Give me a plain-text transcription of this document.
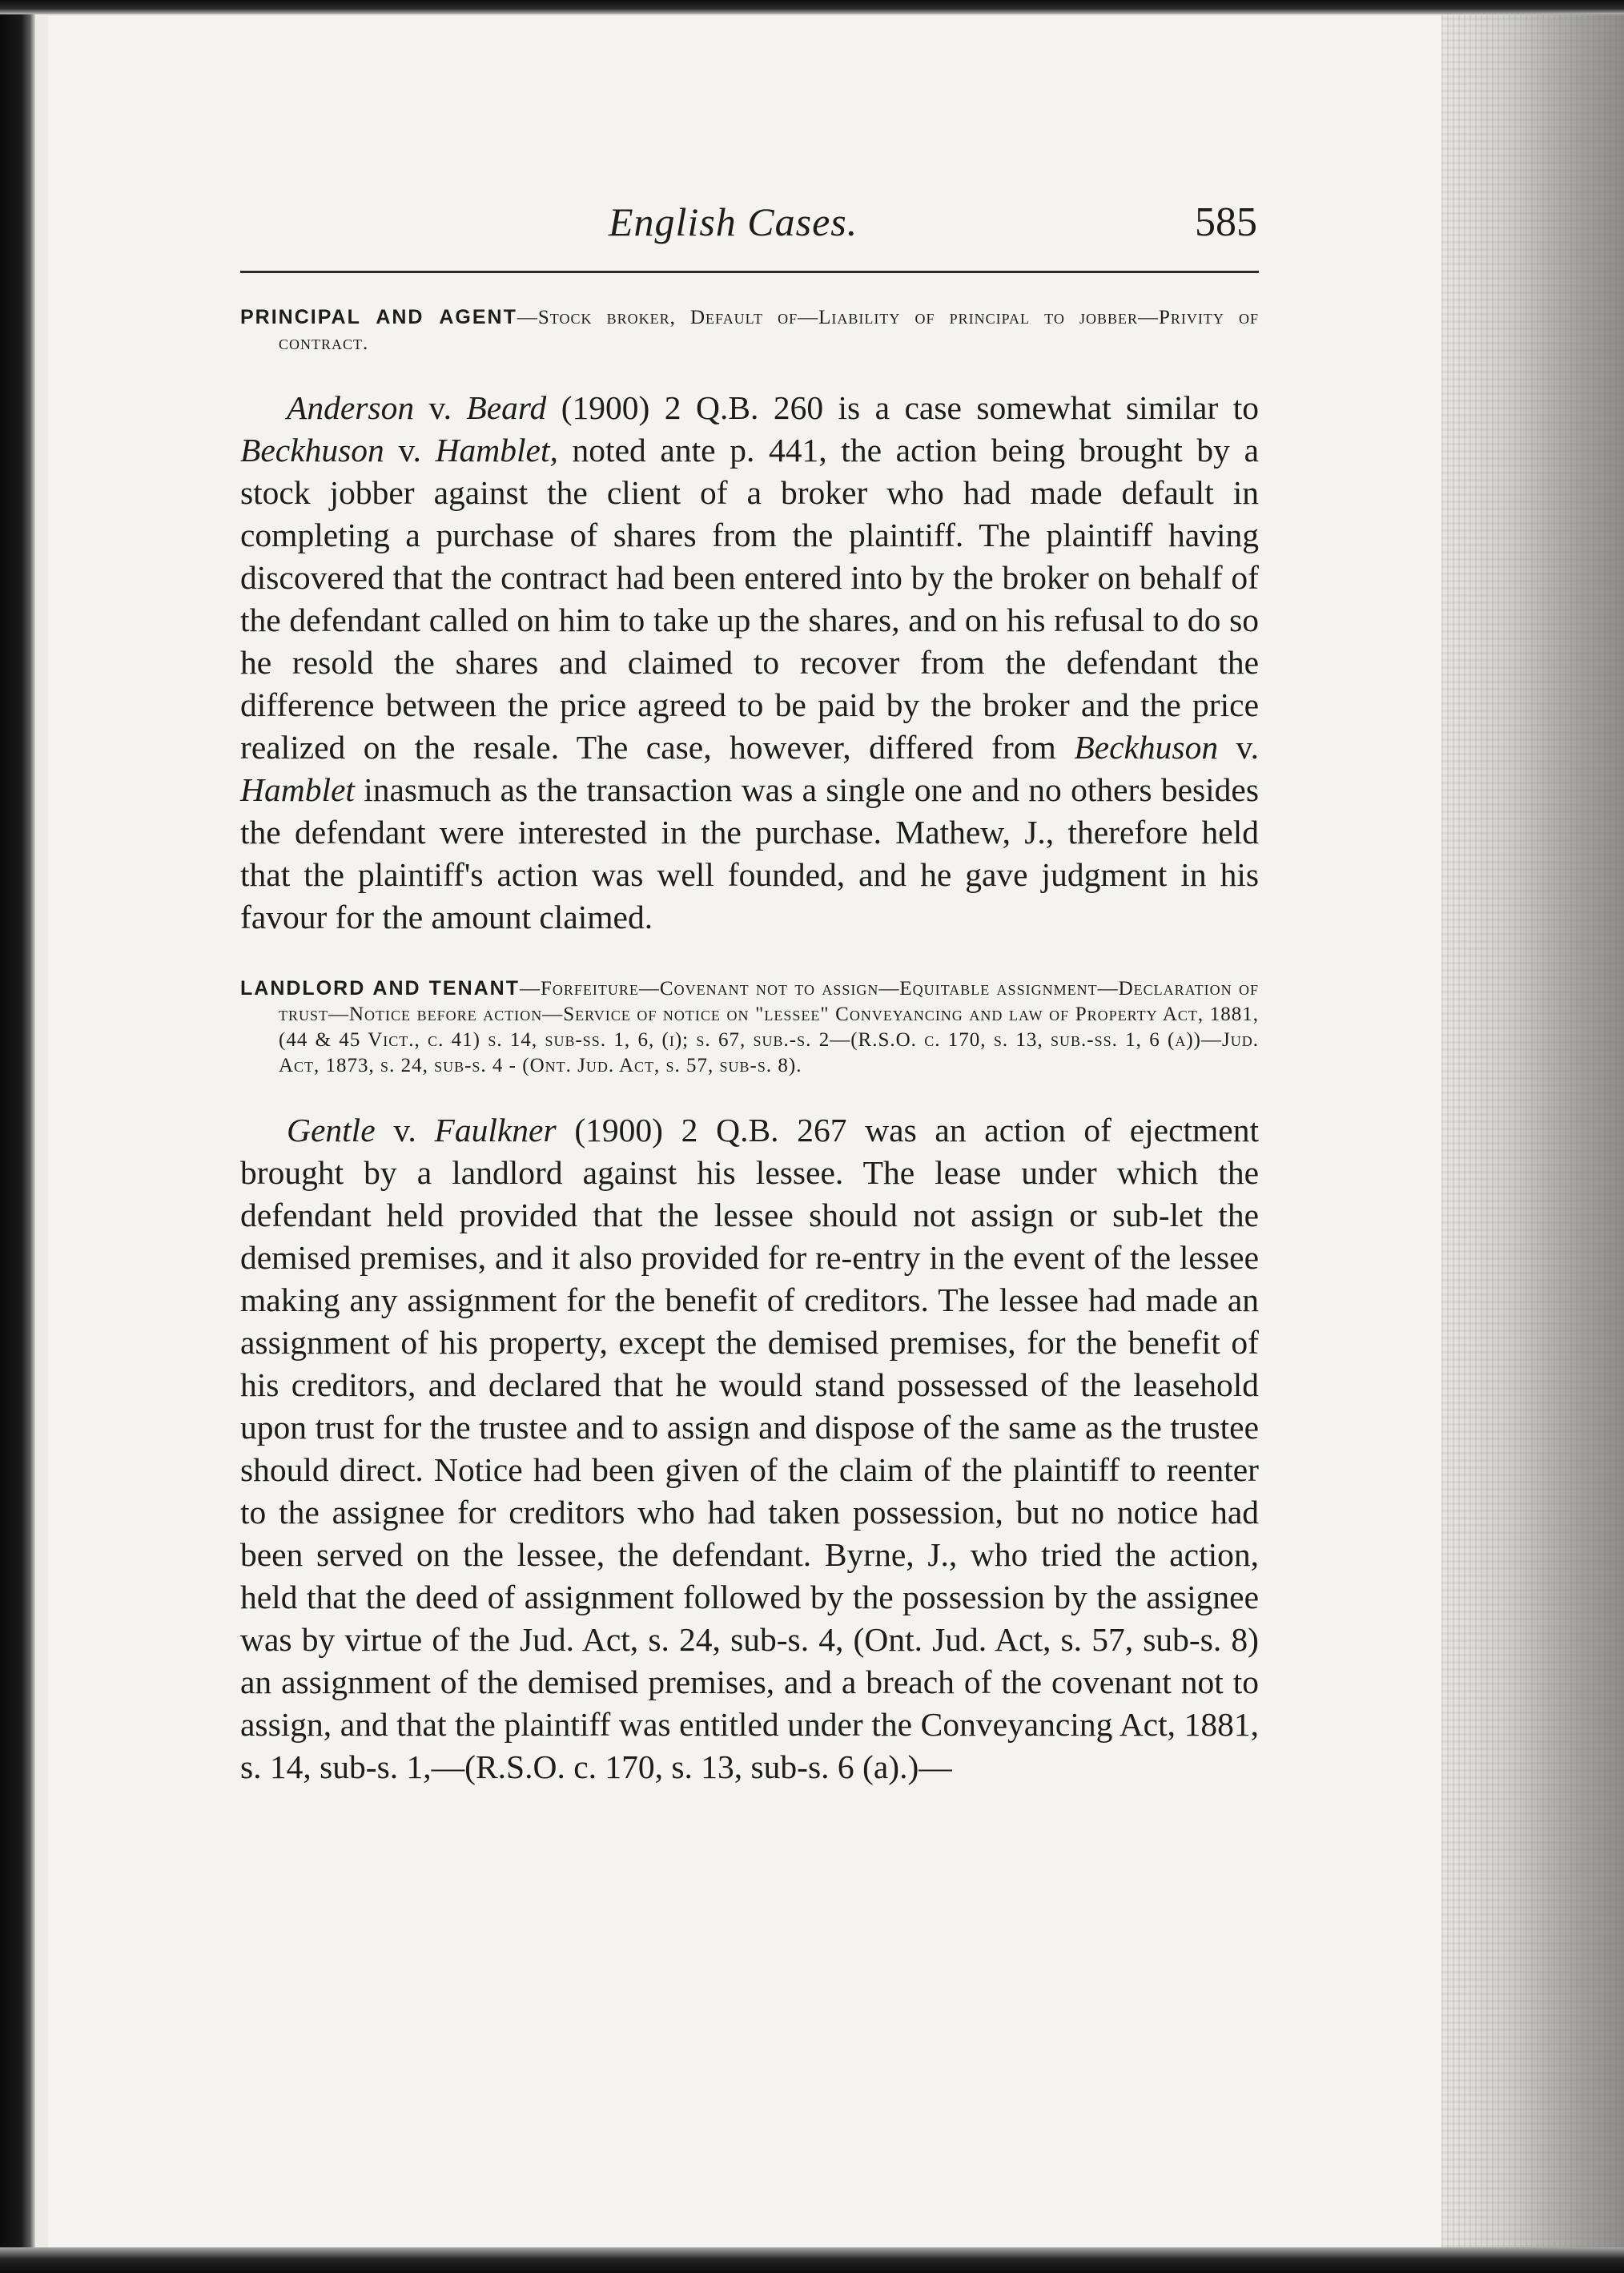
English Cases.	585

PRINCIPAL AND AGENT—Stock broker, Default of—Liability of principal to jobber—Privity of contract.

Anderson v. Beard (1900) 2 Q.B. 260 is a case somewhat similar to Beckhuson v. Hamblet, noted ante p. 441, the action being brought by a stock jobber against the client of a broker who had made default in completing a purchase of shares from the plaintiff. The plaintiff having discovered that the contract had been entered into by the broker on behalf of the defendant called on him to take up the shares, and on his refusal to do so he resold the shares and claimed to recover from the defendant the difference between the price agreed to be paid by the broker and the price realized on the resale. The case, however, differed from Beckhuson v. Hamblet inasmuch as the transaction was a single one and no others besides the defendant were interested in the purchase. Mathew, J., therefore held that the plaintiff's action was well founded, and he gave judgment in his favour for the amount claimed.

LANDLORD AND TENANT—Forfeiture—Covenant not to assign—Equitable assignment—Declaration of trust—Notice before action—Service of notice on "lessee" Conveyancing and law of Property Act, 1881, (44 & 45 Vict., c. 41) s. 14, sub-ss. 1, 6, (i); s. 67, sub.-s. 2—(R.S.O. c. 170, s. 13, sub.-ss. 1, 6 (a))—Jud. Act, 1873, s. 24, sub-s. 4 - (Ont. Jud. Act, s. 57, sub-s. 8).

Gentle v. Faulkner (1900) 2 Q.B. 267 was an action of ejectment brought by a landlord against his lessee. The lease under which the defendant held provided that the lessee should not assign or sub-let the demised premises, and it also provided for re-entry in the event of the lessee making any assignment for the benefit of creditors. The lessee had made an assignment of his property, except the demised premises, for the benefit of his creditors, and declared that he would stand possessed of the leasehold upon trust for the trustee and to assign and dispose of the same as the trustee should direct. Notice had been given of the claim of the plaintiff to reenter to the assignee for creditors who had taken possession, but no notice had been served on the lessee, the defendant. Byrne, J., who tried the action, held that the deed of assignment followed by the possession by the assignee was by virtue of the Jud. Act, s. 24, sub-s. 4, (Ont. Jud. Act, s. 57, sub-s. 8) an assignment of the demised premises, and a breach of the covenant not to assign, and that the plaintiff was entitled under the Conveyancing Act, 1881, s. 14, sub-s. 1,—(R.S.O. c. 170, s. 13, sub-s. 6 (a).)—
